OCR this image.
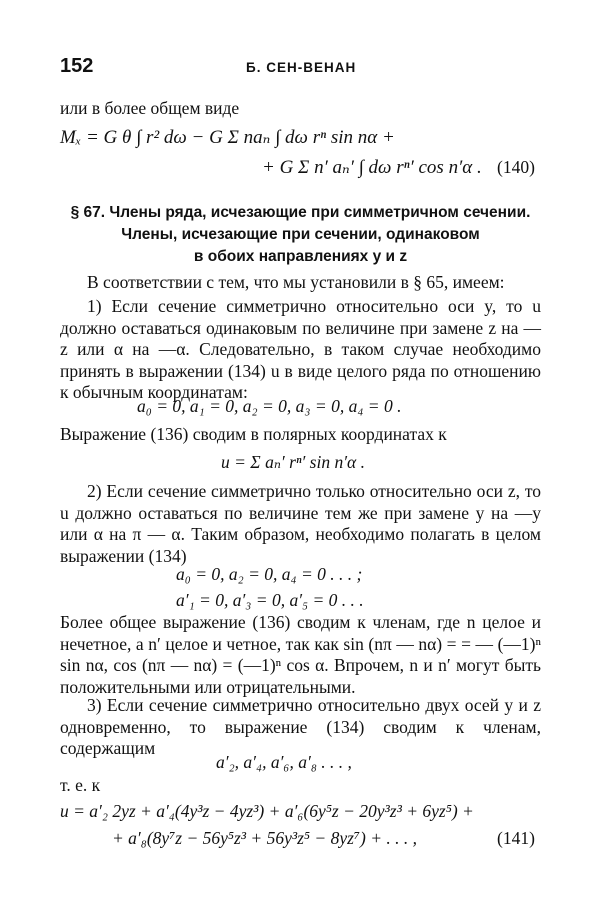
152	Б. СЕН-ВЕНАН
или в более общем виде
Mₓ = G θ ∫ r² dω − G Σ naₙ ∫ dω rⁿ sin nα +
+ G Σ n′ aₙ′ ∫ dω rⁿ′ cos n′α . (140)
§ 67. Члены ряда, исчезающие при симметричном сечении.
Члены, исчезающие при сечении, одинаковом
в обоих направлениях y и z
В соответствии с тем, что мы установили в § 65, имеем:
1) Если сечение симметрично относительно оси y, то u должно оставаться одинаковым по величине при замене z на —z или α на —α. Следовательно, в таком случае необходимо принять в выражении (134) u в виде целого ряда по отношению к обычным координатам:
a₀ = 0, a₁ = 0, a₂ = 0, a₃ = 0, a₄ = 0 .
Выражение (136) сводим в полярных координатах к
u = Σ aₙ′ rⁿ′ sin n′α .
2) Если сечение симметрично только относительно оси z, то u должно оставаться по величине тем же при замене y на —y или α на π — α. Таким образом, необходимо полагать в целом выражении (134)
a₀ = 0, a₂ = 0, a₄ = 0 . . . ;
a′₁ = 0, a′₃ = 0, a′₅ = 0 . . .
Более общее выражение (136) сводим к членам, где n целое и нечетное, а n′ целое и четное, так как sin (nπ — nα) = = — (—1)ⁿ sin nα, cos (nπ — nα) = (—1)ⁿ cos α. Впрочем, n и n′ могут быть положительными или отрицательными.
3) Если сечение симметрично относительно двух осей y и z одновременно, то выражение (134) сводим к членам, содержащим
a′₂, a′₄, a′₆, a′₈ . . . ,
т. е. к
u = a′₂ 2yz + a′₄(4y³z − 4yz³) + a′₆(6y⁵z − 20y³z³ + 6yz⁵) +
+ a′₈(8y⁷z − 56y⁵z³ + 56y³z⁵ − 8yz⁷) + . . . ,	(141)
